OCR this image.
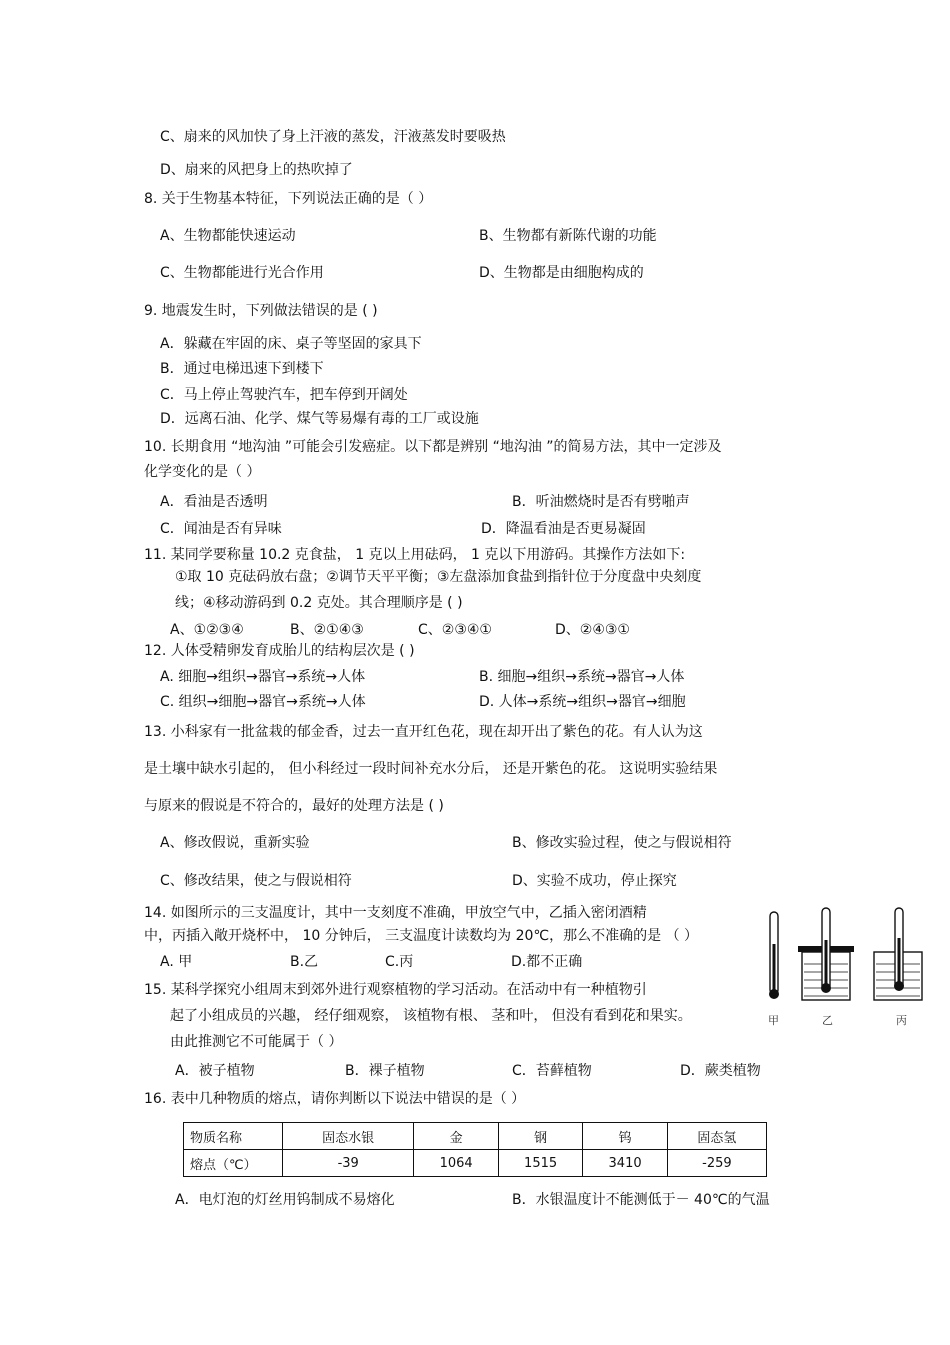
C、扇来的风加快了身上汗液的蒸发，汗液蒸发时要吸热
D、扇来的风把身上的热吹掉了
8. 关于生物基本特征，下列说法正确的是（ ）
A、生物都能快速运动	B、生物都有新陈代谢的功能
C、生物都能进行光合作用	D、生物都是由细胞构成的
9. 地震发生时，下列做法错误的是 ( )
A．躲藏在牢固的床、桌子等坚固的家具下
B．通过电梯迅速下到楼下
C．马上停止驾驶汽车，把车停到开阔处
D．远离石油、化学、煤气等易爆有毒的工厂或设施
10. 长期食用 “地沟油 ”可能会引发癌症。以下都是辨别 “地沟油 ”的简易方法，其中一定涉及
化学变化的是（ ）
A．看油是否透明	B．听油燃烧时是否有劈啪声
C．闻油是否有异味	D．降温看油是否更易凝固
11. 某同学要称量 10.2 克食盐， 1 克以上用砝码， 1 克以下用游码。其操作方法如下:
①取 10 克砝码放右盘；②调节天平平衡；③左盘添加食盐到指针位于分度盘中央刻度
线；④移动游码到 0.2 克处。其合理顺序是 ( )
A、①②③④	B、②①④③	C、②③④①	D、②④③①
12. 人体受精卵发育成胎儿的结构层次是 ( )
A. 细胞→组织→器官→系统→人体	B. 细胞→组织→系统→器官→人体
C. 组织→细胞→器官→系统→人体	D. 人体→系统→组织→器官→细胞
13. 小科家有一批盆栽的郁金香，过去一直开红色花，现在却开出了紫色的花。有人认为这
是土壤中缺水引起的， 但小科经过一段时间补充水分后， 还是开紫色的花。 这说明实验结果
与原来的假说是不符合的，最好的处理方法是 ( )
A、修改假说，重新实验	B、修改实验过程，使之与假说相符
C、修改结果，使之与假说相符	D、实验不成功，停止探究
14. 如图所示的三支温度计，其中一支刻度不准确，甲放空气中，乙插入密闭酒精
中，丙插入敞开烧杯中， 10 分钟后， 三支温度计读数均为 20℃，那么不准确的是 （ ）
A. 甲	B.乙	C.丙	D.都不正确
甲	乙	丙
15. 某科学探究小组周末到郊外进行观察植物的学习活动。在活动中有一种植物引
起了小组成员的兴趣， 经仔细观察， 该植物有根、 茎和叶， 但没有看到花和果实。
由此推测它不可能属于（ ）
A．被子植物	B．裸子植物	C．苔藓植物	D．蕨类植物
16. 表中几种物质的熔点，请你判断以下说法中错误的是（ ）
物质名称	固态水银	金	钢	钨	固态氢
熔点（℃）	-39	1064	1515	3410	-259
A．电灯泡的灯丝用钨制成不易熔化	B．水银温度计不能测低于－ 40℃的气温
